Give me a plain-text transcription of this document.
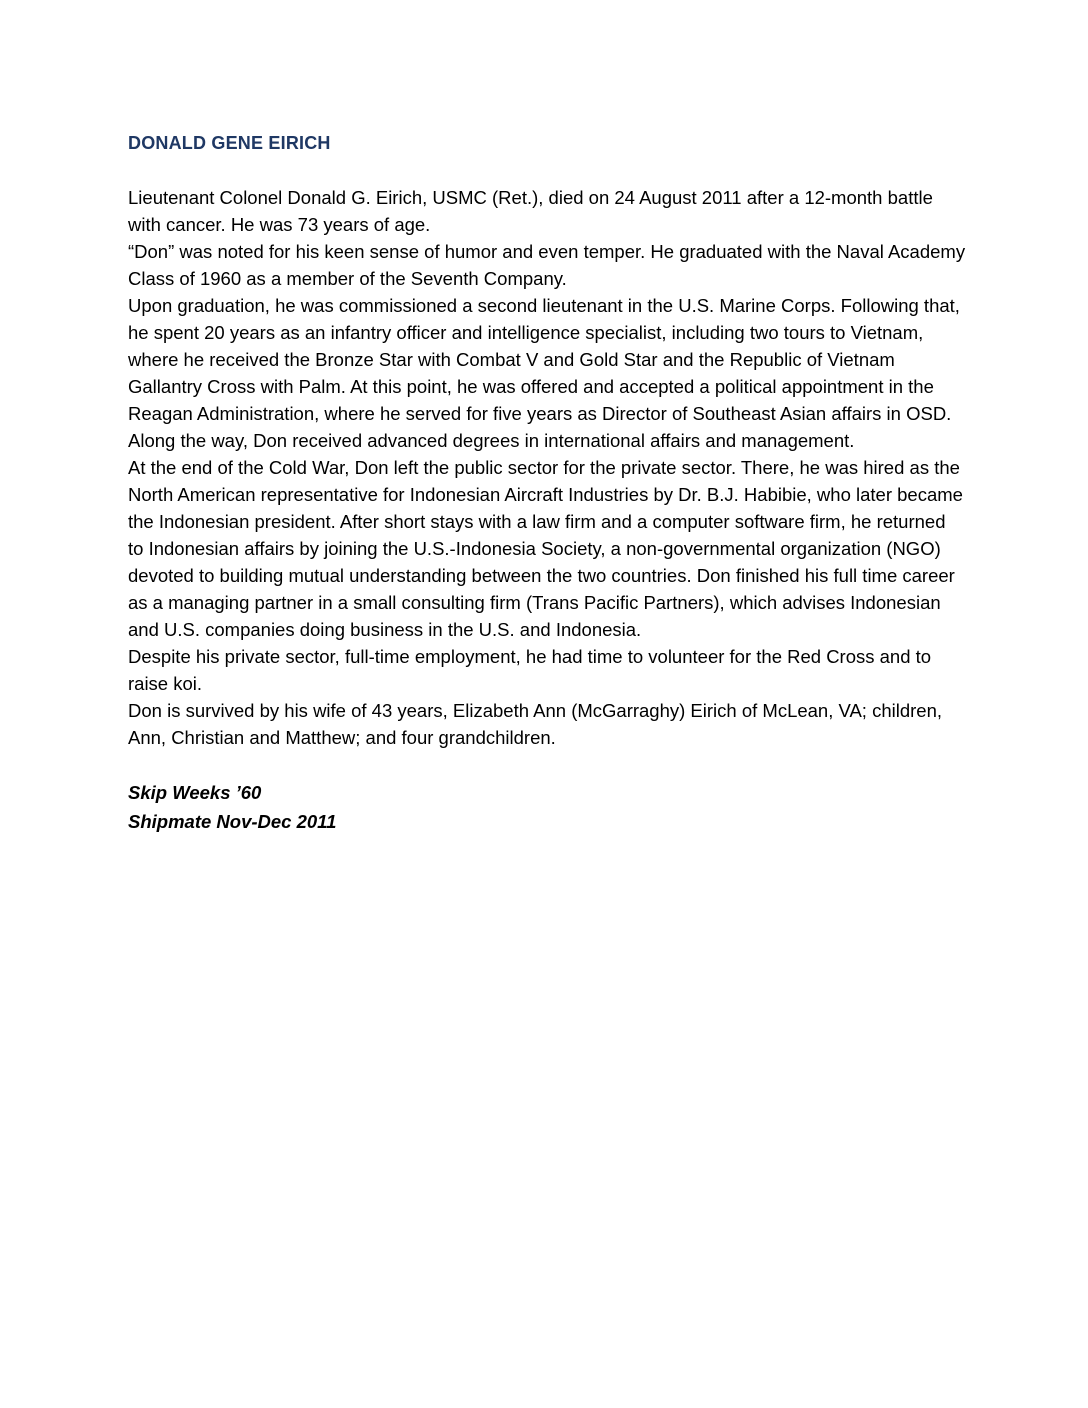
DONALD GENE EIRICH

Lieutenant Colonel Donald G. Eirich, USMC (Ret.), died on 24 August 2011 after a 12-month battle with cancer. He was 73 years of age.

“Don” was noted for his keen sense of humor and even temper. He graduated with the Naval Academy Class of 1960 as a member of the Seventh Company.

Upon graduation, he was commissioned a second lieutenant in the U.S. Marine Corps. Following that, he spent 20 years as an infantry officer and intelligence specialist, including two tours to Vietnam, where he received the Bronze Star with Combat V and Gold Star and the Republic of Vietnam Gallantry Cross with Palm. At this point, he was offered and accepted a political appointment in the Reagan Administration, where he served for five years as Director of Southeast Asian affairs in OSD. Along the way, Don received advanced degrees in international affairs and management.

At the end of the Cold War, Don left the public sector for the private sector. There, he was hired as the North American representative for Indonesian Aircraft Industries by Dr. B.J. Habibie, who later became the Indonesian president. After short stays with a law firm and a computer software firm, he returned to Indonesian affairs by joining the U.S.-Indonesia Society, a non-governmental organization (NGO) devoted to building mutual understanding between the two countries. Don finished his full time career as a managing partner in a small consulting firm (Trans Pacific Partners), which advises Indonesian and U.S. companies doing business in the U.S. and Indonesia.

Despite his private sector, full-time employment, he had time to volunteer for the Red Cross and to raise koi.

Don is survived by his wife of 43 years, Elizabeth Ann (McGarraghy) Eirich of McLean, VA; children, Ann, Christian and Matthew; and four grandchildren.

Skip Weeks ’60

Shipmate Nov-Dec 2011
